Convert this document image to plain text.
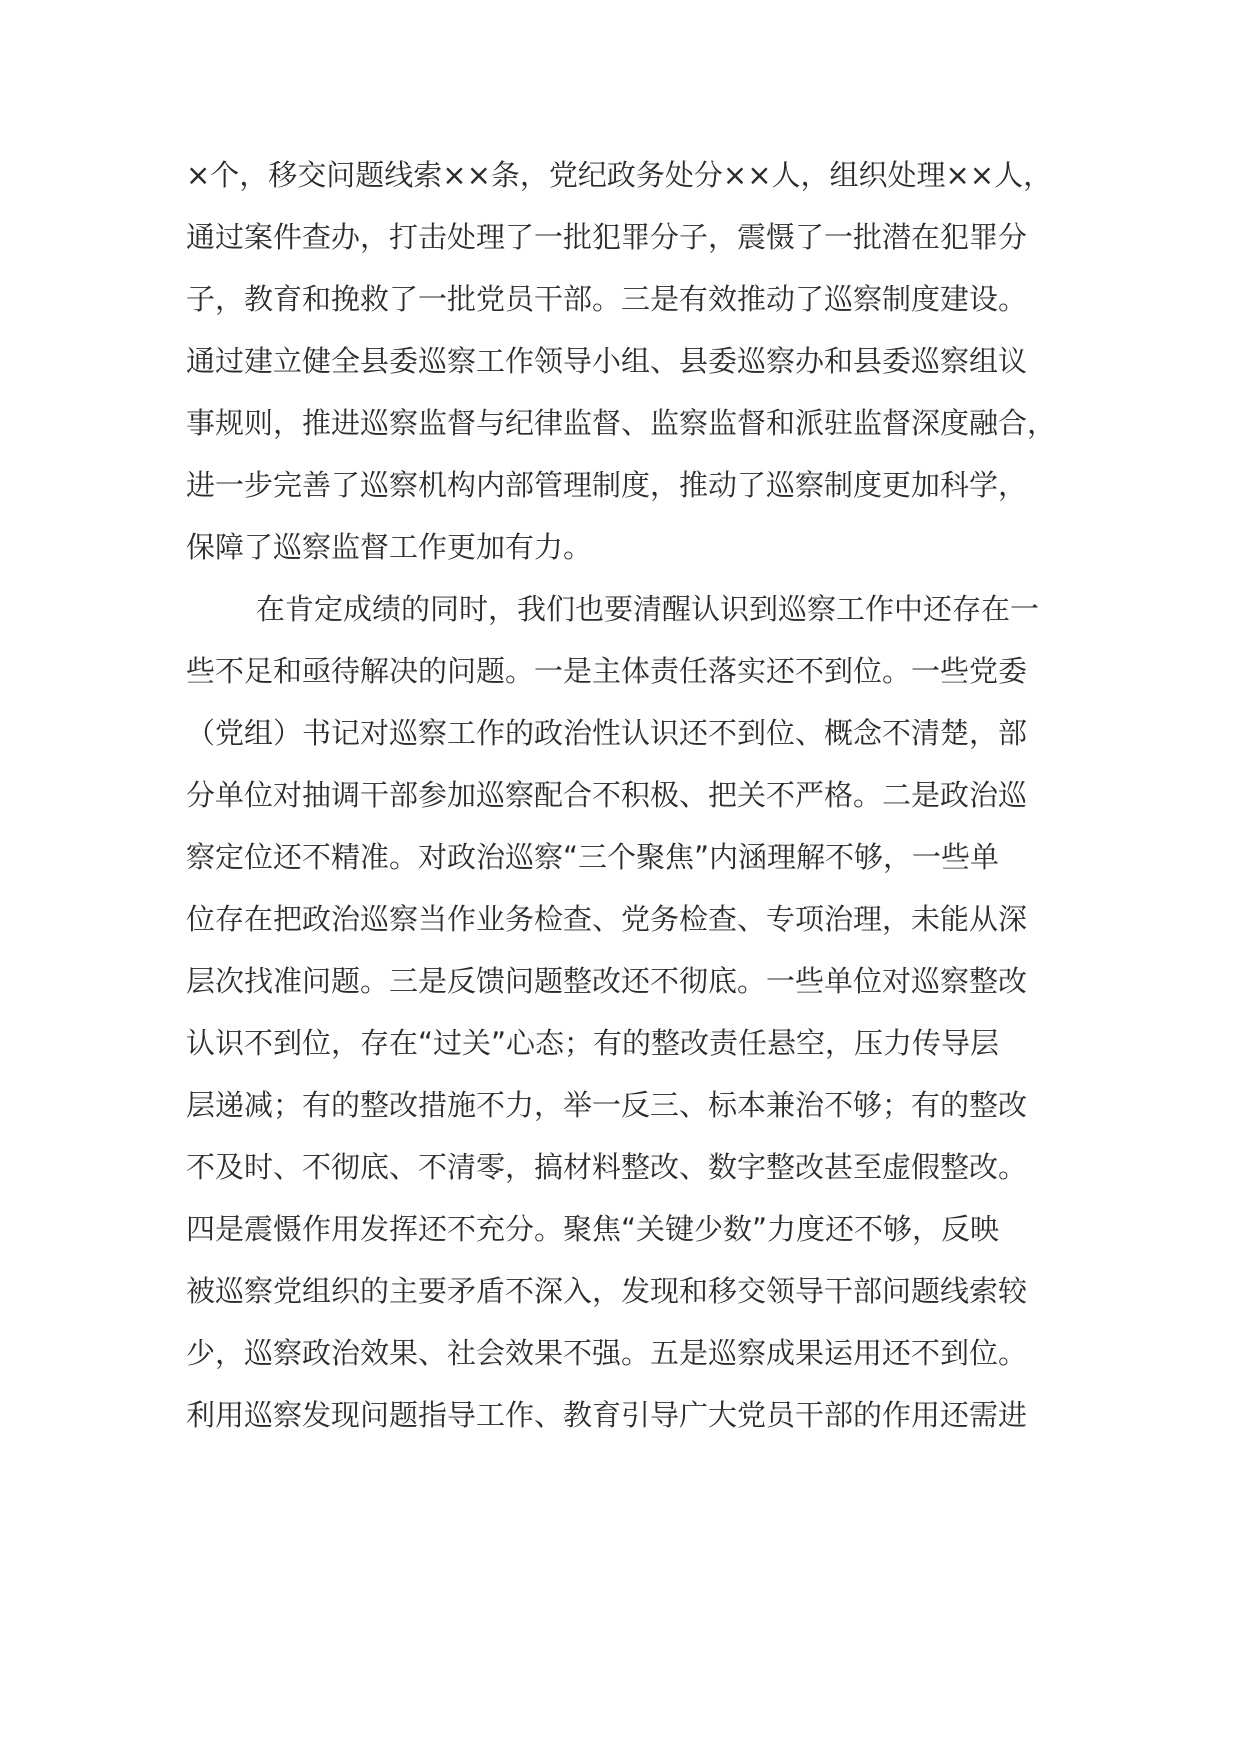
×个，移交问题线索××条，党纪政务处分××人，组织处理××人，
通过案件查办，打击处理了一批犯罪分子，震慑了一批潜在犯罪分
子，教育和挽救了一批党员干部。三是有效推动了巡察制度建设。
通过建立健全县委巡察工作领导小组、县委巡察办和县委巡察组议
事规则，推进巡察监督与纪律监督、监察监督和派驻监督深度融合，
进一步完善了巡察机构内部管理制度，推动了巡察制度更加科学，
保障了巡察监督工作更加有力。
在肯定成绩的同时，我们也要清醒认识到巡察工作中还存在一
些不足和亟待解决的问题。一是主体责任落实还不到位。一些党委
（党组）书记对巡察工作的政治性认识还不到位、概念不清楚，部
分单位对抽调干部参加巡察配合不积极、把关不严格。二是政治巡
察定位还不精准。对政治巡察“三个聚焦”内涵理解不够，一些单
位存在把政治巡察当作业务检查、党务检查、专项治理，未能从深
层次找准问题。三是反馈问题整改还不彻底。一些单位对巡察整改
认识不到位，存在“过关”心态；有的整改责任悬空，压力传导层
层递减；有的整改措施不力，举一反三、标本兼治不够；有的整改
不及时、不彻底、不清零，搞材料整改、数字整改甚至虚假整改。
四是震慑作用发挥还不充分。聚焦“关键少数”力度还不够，反映
被巡察党组织的主要矛盾不深入，发现和移交领导干部问题线索较
少，巡察政治效果、社会效果不强。五是巡察成果运用还不到位。
利用巡察发现问题指导工作、教育引导广大党员干部的作用还需进
